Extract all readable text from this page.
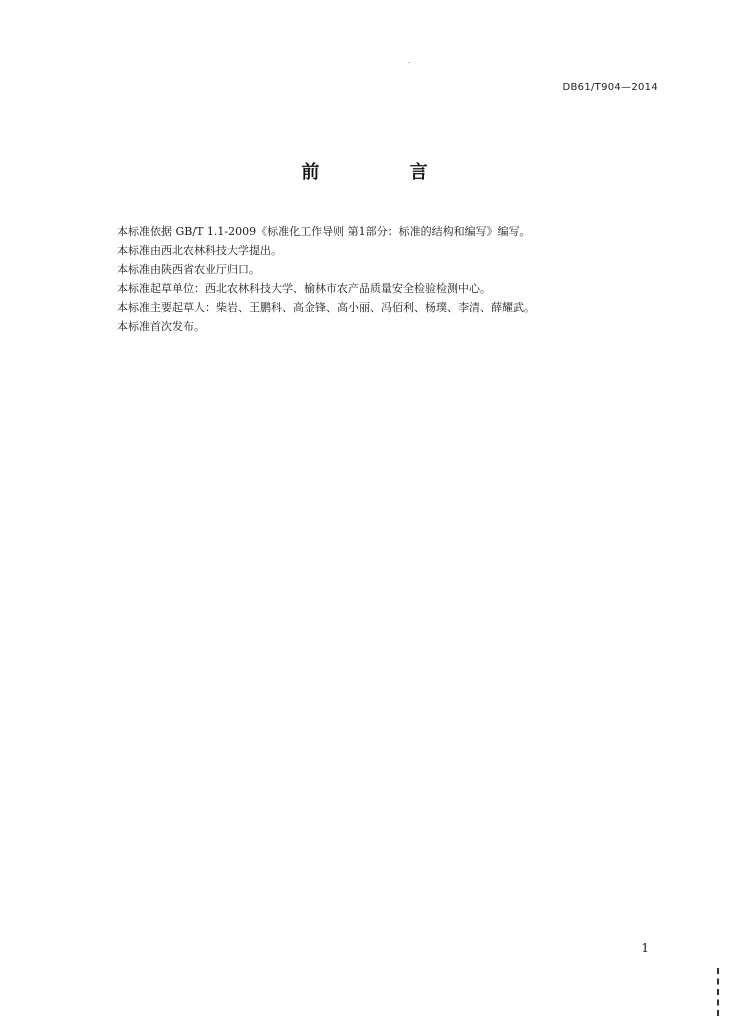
DB61/T904—2014
前 言
本标准依据 GB/T 1.1-2009《标准化工作导则 第1部分：标准的结构和编写》编写。
本标准由西北农林科技大学提出。
本标准由陕西省农业厅归口。
本标准起草单位：西北农林科技大学、榆林市农产品质量安全检验检测中心。
本标准主要起草人：柴岩、王鹏科、高金锋、高小丽、冯佰利、杨璞、李清、薛耀武。
本标准首次发布。
1
